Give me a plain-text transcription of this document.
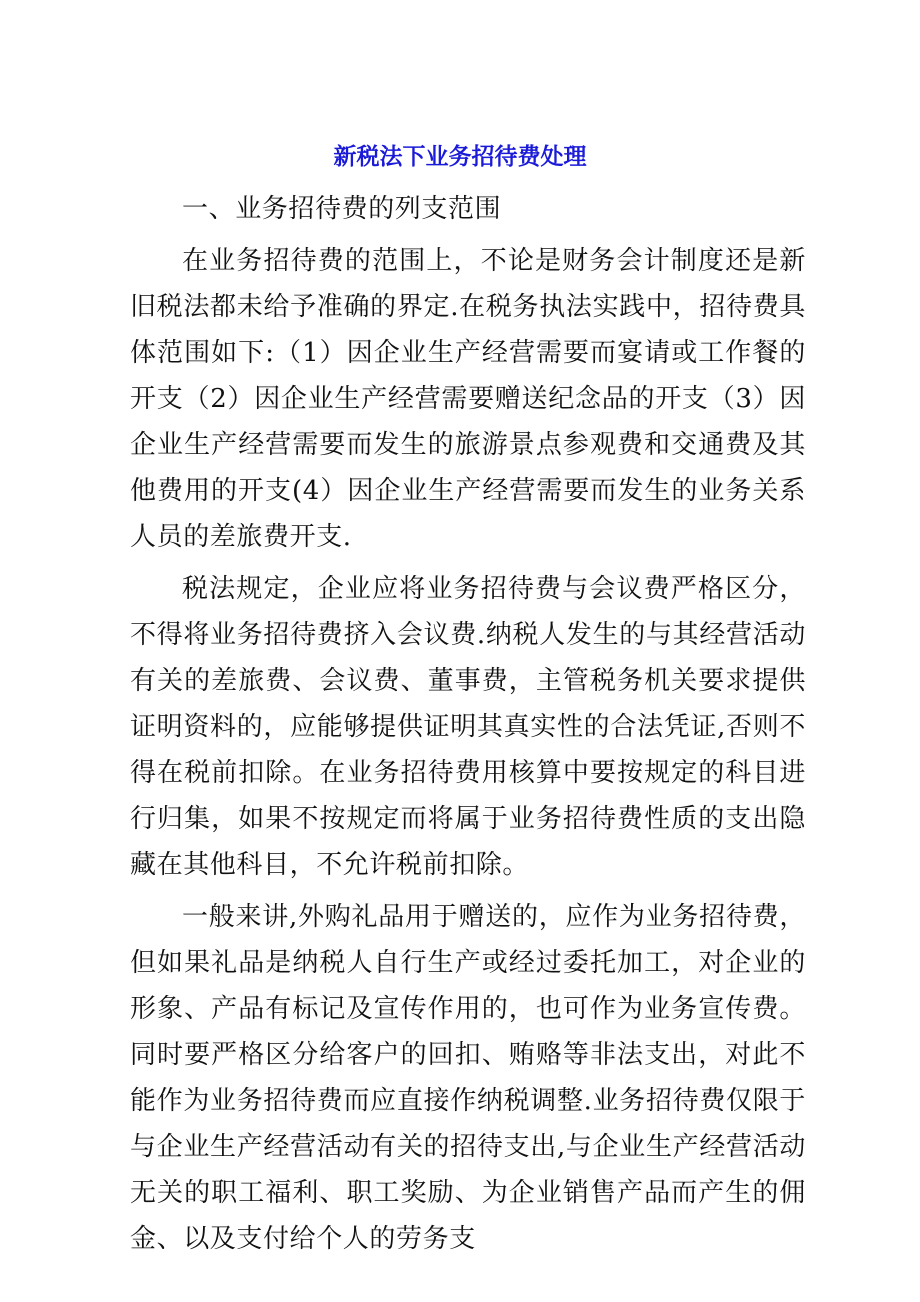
新税法下业务招待费处理

一、业务招待费的列支范围

在业务招待费的范围上，不论是财务会计制度还是新旧税法都未给予准确的界定.在税务执法实践中，招待费具体范围如下:（1）因企业生产经营需要而宴请或工作餐的开支（2）因企业生产经营需要赠送纪念品的开支（3）因企业生产经营需要而发生的旅游景点参观费和交通费及其他费用的开支(4）因企业生产经营需要而发生的业务关系人员的差旅费开支.

税法规定，企业应将业务招待费与会议费严格区分，不得将业务招待费挤入会议费.纳税人发生的与其经营活动有关的差旅费、会议费、董事费，主管税务机关要求提供证明资料的，应能够提供证明其真实性的合法凭证,否则不得在税前扣除。在业务招待费用核算中要按规定的科目进行归集，如果不按规定而将属于业务招待费性质的支出隐藏在其他科目，不允许税前扣除。

一般来讲,外购礼品用于赠送的，应作为业务招待费，但如果礼品是纳税人自行生产或经过委托加工，对企业的形象、产品有标记及宣传作用的，也可作为业务宣传费。同时要严格区分给客户的回扣、贿赂等非法支出，对此不能作为业务招待费而应直接作纳税调整.业务招待费仅限于与企业生产经营活动有关的招待支出,与企业生产经营活动无关的职工福利、职工奖励、为企业销售产品而产生的佣金、以及支付给个人的劳务支
